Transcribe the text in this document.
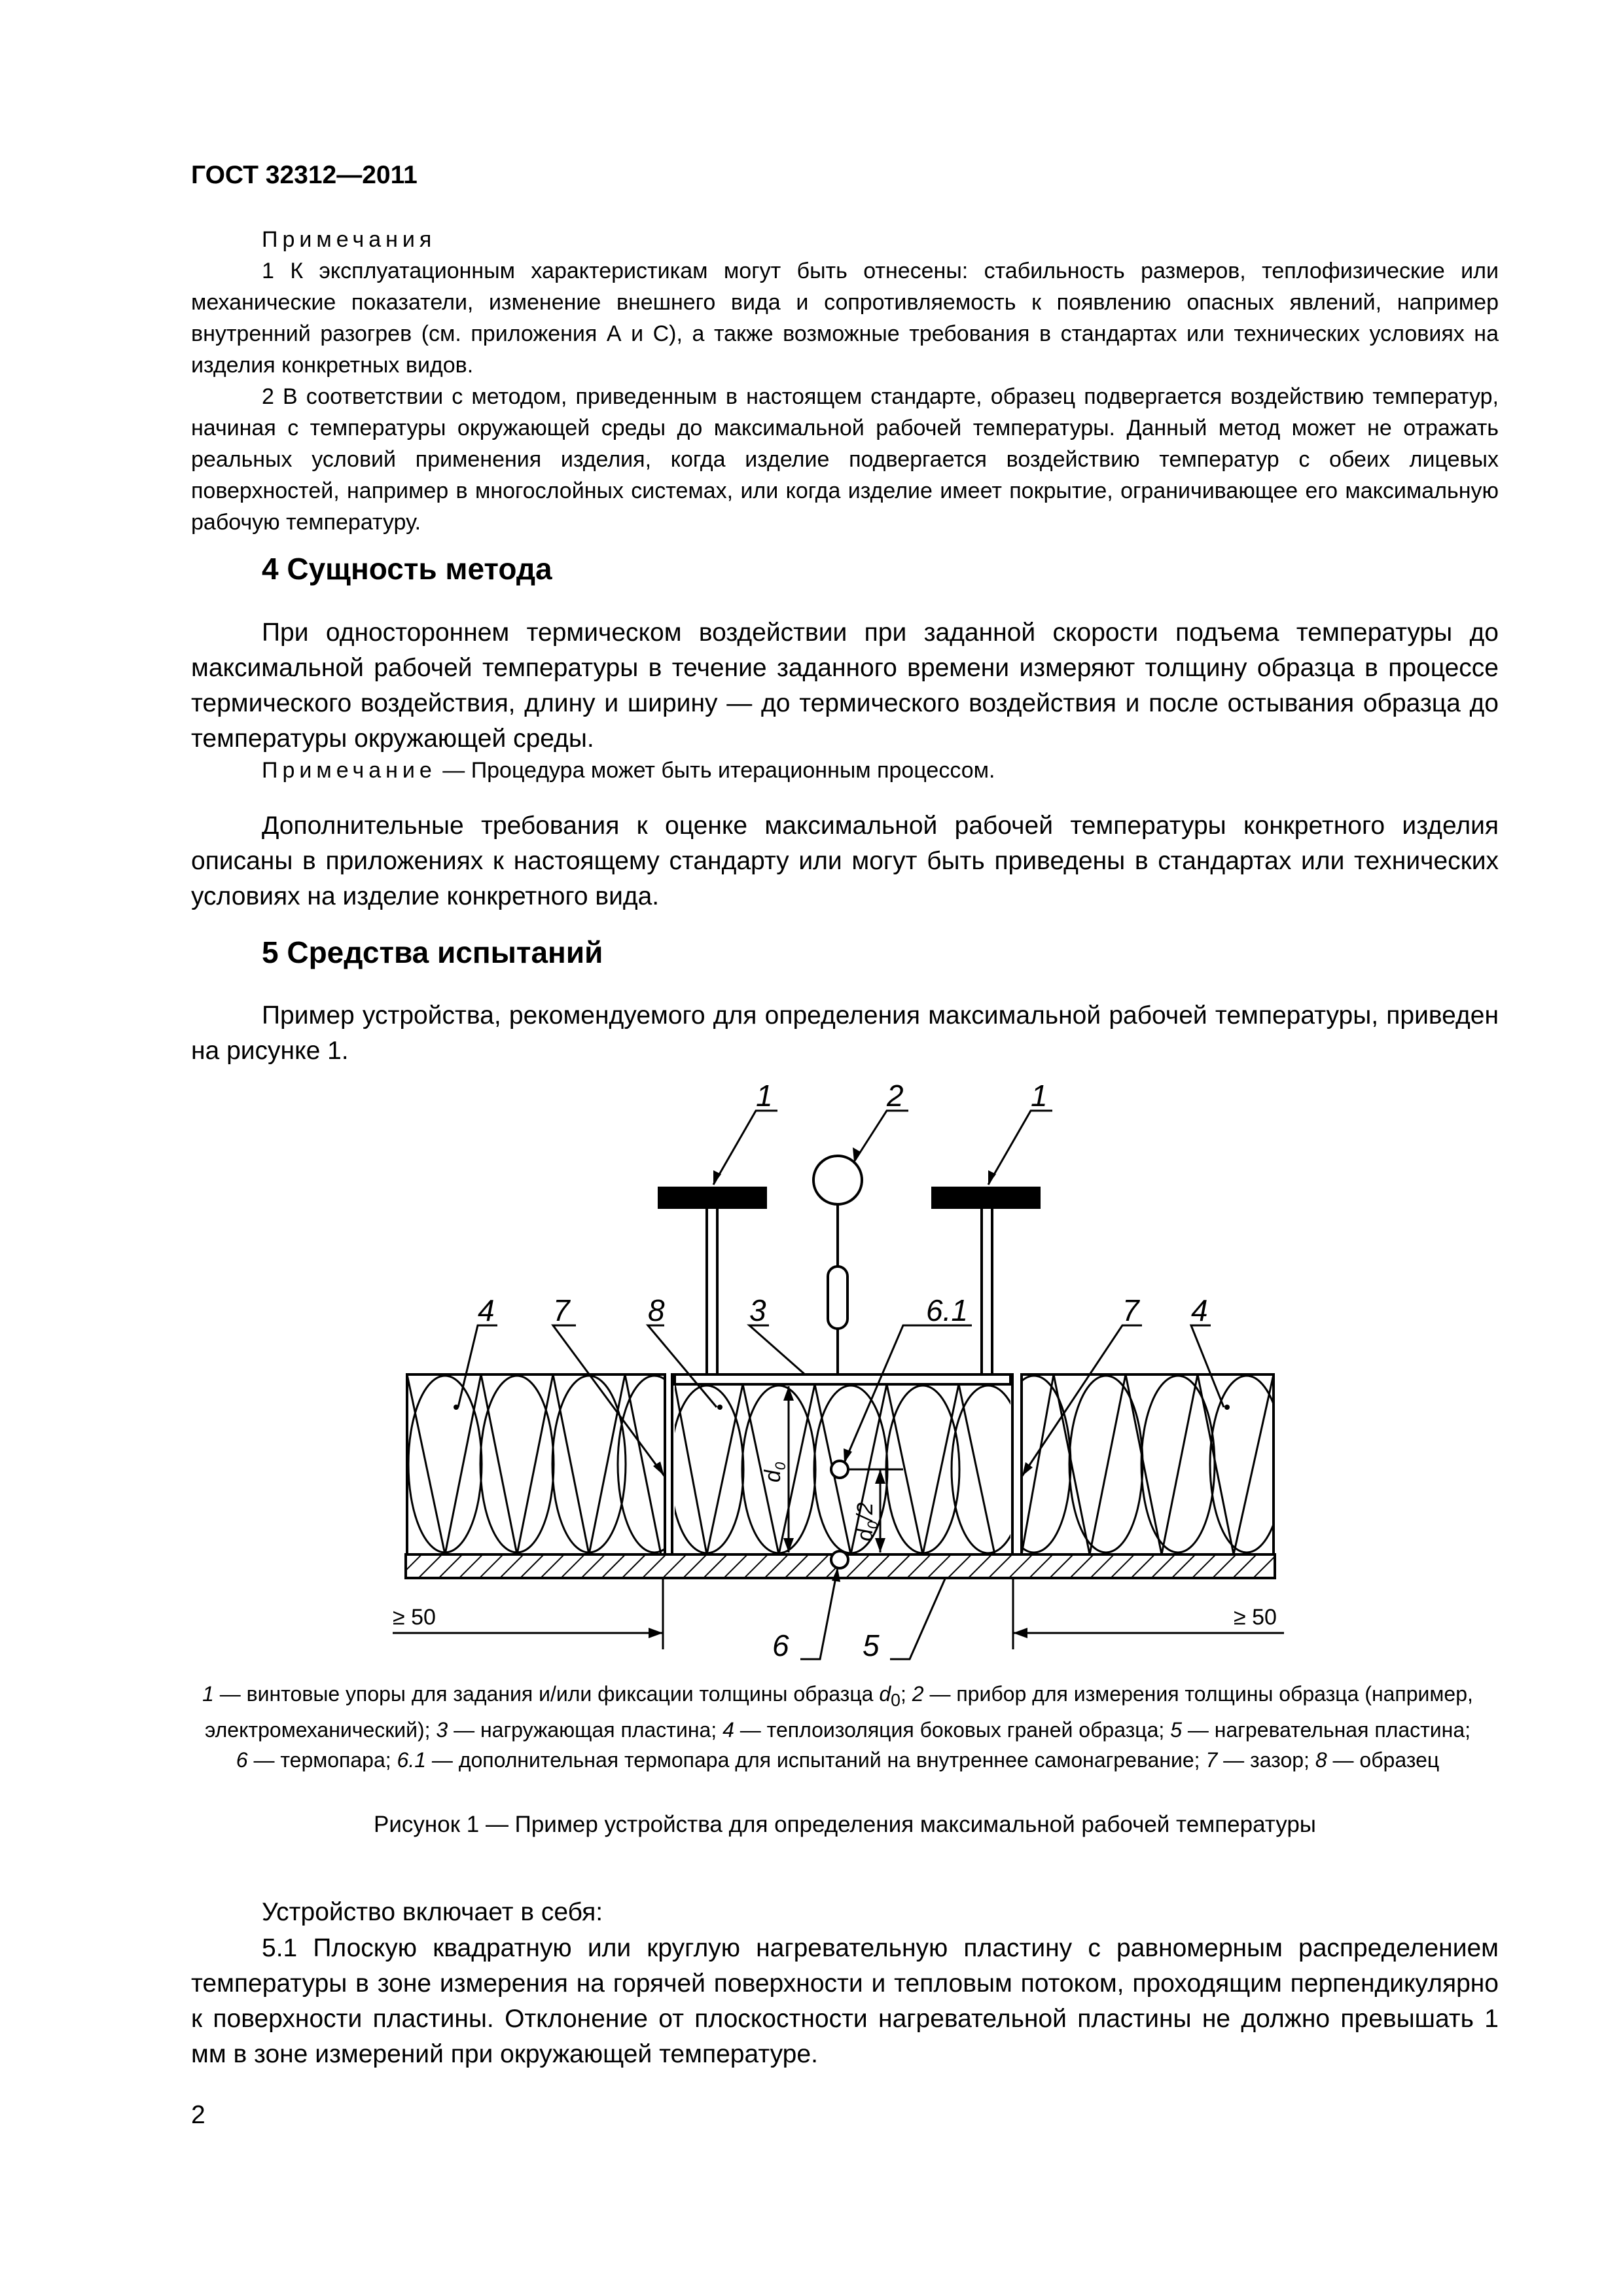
ГОСТ 32312—2011

Примечания

1 К эксплуатационным характеристикам могут быть отнесены: стабильность размеров, теплофизические или механические показатели, изменение внешнего вида и сопротивляемость к появлению опасных явлений, например внутренний разогрев (см. приложения А и С), а также возможные требования в стандартах или технических условиях на изделия конкретных видов.

2 В соответствии с методом, приведенным в настоящем стандарте, образец подвергается воздействию температур, начиная с температуры окружающей среды до максимальной рабочей температуры. Данный метод может не отражать реальных условий применения изделия, когда изделие подвергается воздействию температур с обеих лицевых поверхностей, например в многослойных системах, или когда изделие имеет покрытие, ограничивающее его максимальную рабочую температуру.

4 Сущность метода

При одностороннем термическом воздействии при заданной скорости подъема температуры до максимальной рабочей температуры в течение заданного времени измеряют толщину образца в процессе термического воздействия, длину и ширину — до термического воздействия и после остывания образца до температуры окружающей среды.

Примечание — Процедура может быть итерационным процессом.

Дополнительные требования к оценке максимальной рабочей температуры конкретного изделия описаны в приложениях к настоящему стандарту или могут быть приведены в стандартах или технических условиях на изделие конкретного вида.

5 Средства испытаний

Пример устройства, рекомендуемого для определения максимальной рабочей температуры, приведен на рисунке 1.

$d_0$
$d_0/2$
1	2	1
4 7	8	3	6.1	7 4
6 5
≥ 50	≥ 50
1 — винтовые упоры для задания и/или фиксации толщины образца $d_0$; 2 — прибор для измерения толщины образца (например, электромеханический); 3 — нагружающая пластина; 4 — теплоизоляция боковых граней образца; 5 — нагревательная пластина; 6 — термопара; 6.1 — дополнительная термопара для испытаний на внутреннее самонагревание; 7 — зазор; 8 — образец
Рисунок 1 — Пример устройства для определения максимальной рабочей температуры

Устройство включает в себя:

5.1 Плоскую квадратную или круглую нагревательную пластину с равномерным распределением температуры в зоне измерения на горячей поверхности и тепловым потоком, проходящим перпендикулярно к поверхности пластины. Отклонение от плоскостности нагревательной пластины не должно превышать 1 мм в зоне измерений при окружающей температуре.

2
